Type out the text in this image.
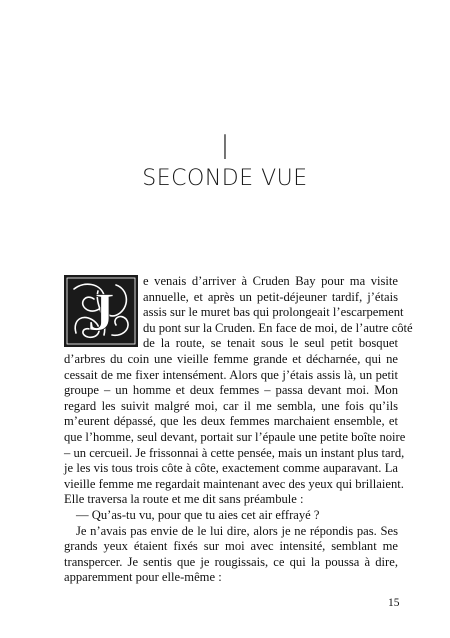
I
SECONDE VUE
J
e venais d’arriver à Cruden Bay pour ma visite
annuelle, et après un petit-déjeuner tardif, j’étais
assis sur le muret bas qui prolongeait l’escarpement
du pont sur la Cruden. En face de moi, de l’autre côté
de la route, se tenait sous le seul petit bosquet
d’arbres du coin une vieille femme grande et décharnée, qui ne
cessait de me fixer intensément. Alors que j’étais assis là, un petit
groupe – un homme et deux femmes – passa devant moi. Mon
regard les suivit malgré moi, car il me sembla, une fois qu’ils
m’eurent dépassé, que les deux femmes marchaient ensemble, et
que l’homme, seul devant, portait sur l’épaule une petite boîte noire
– un cercueil. Je frissonnai à cette pensée, mais un instant plus tard,
je les vis tous trois côte à côte, exactement comme auparavant. La
vieille femme me regardait maintenant avec des yeux qui brillaient.
Elle traversa la route et me dit sans préambule :
— Qu’as-tu vu, pour que tu aies cet air effrayé ?
Je n’avais pas envie de le lui dire, alors je ne répondis pas. Ses
grands yeux étaient fixés sur moi avec intensité, semblant me
transpercer. Je sentis que je rougissais, ce qui la poussa à dire,
apparemment pour elle-même :
15
